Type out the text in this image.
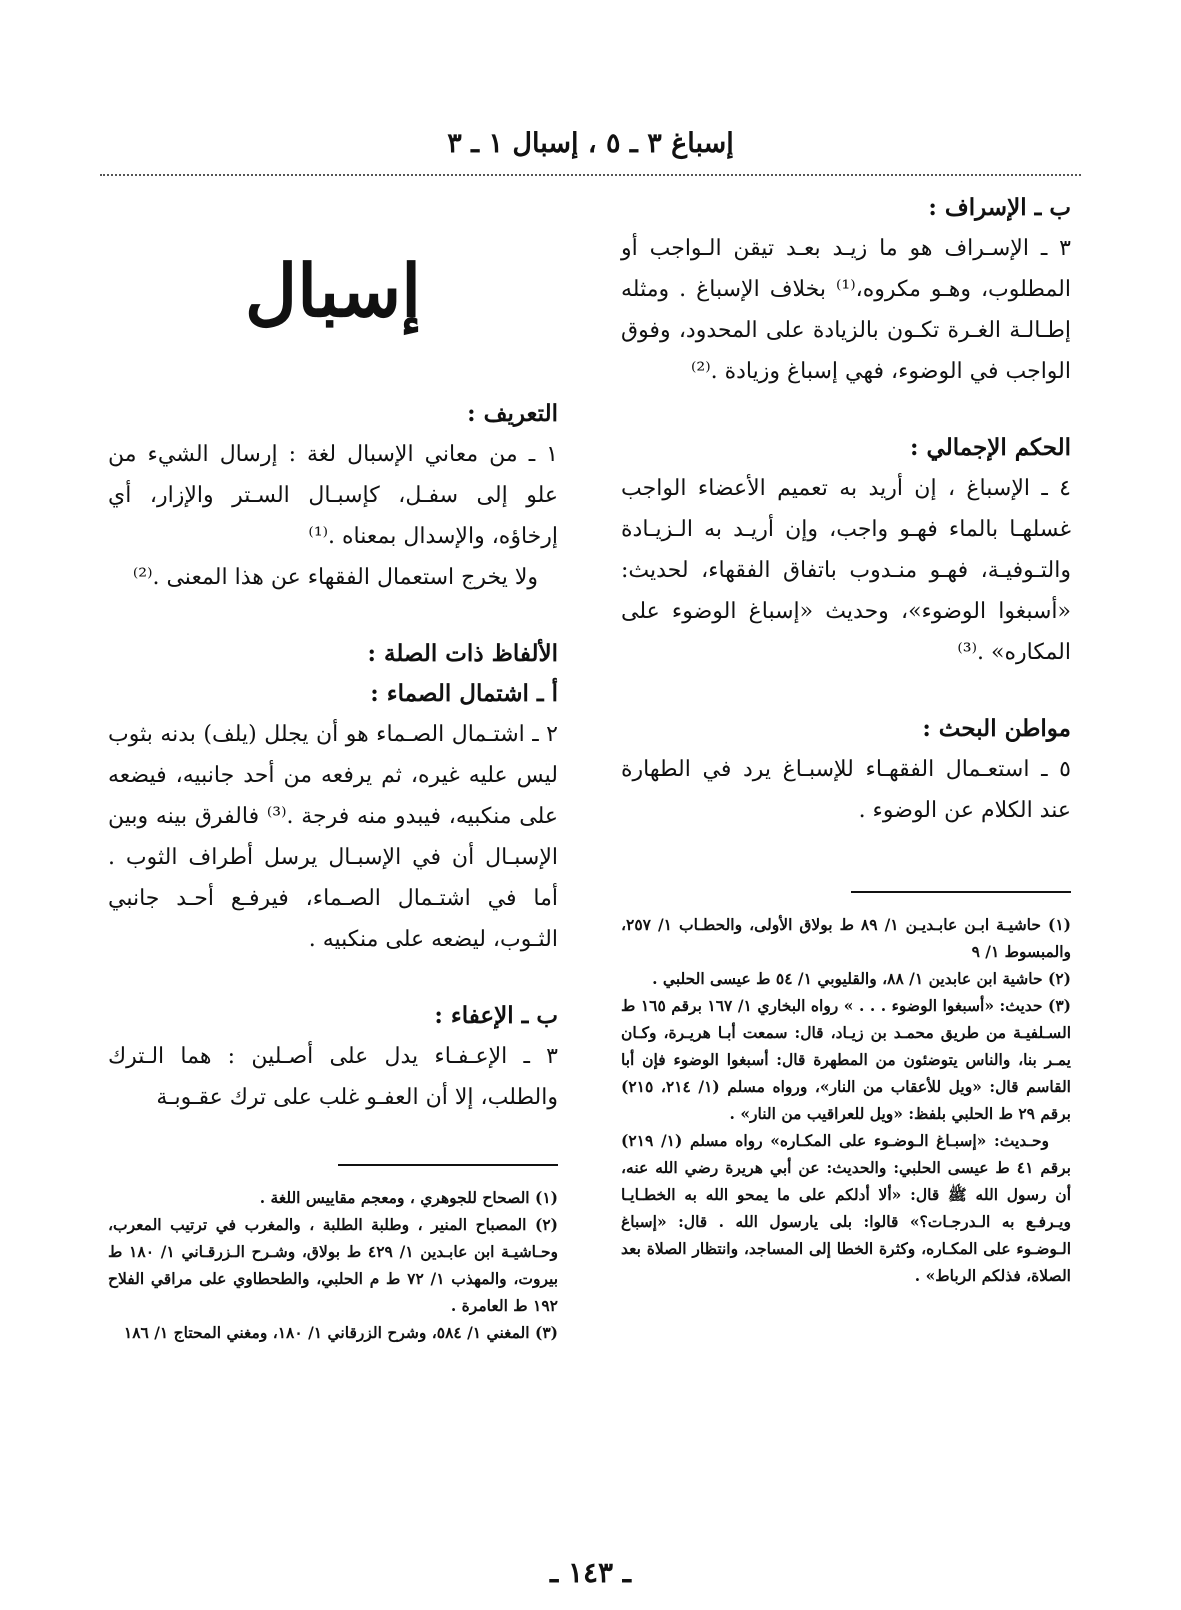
إسباغ ٣ ـ ٥ ، إسبال ١ ـ ٣

ب ـ الإسراف :

٣ ـ الإسـراف هو ما زيـد بعـد تيقن الـواجب أو المطلوب، وهـو مكروه،⁽¹⁾ بخلاف الإسباغ . ومثله إطـالـة الغـرة تكـون بالزيادة على المحدود، وفوق الواجب في الوضوء، فهي إسباغ وزيادة .⁽²⁾

الحكم الإجمالي :

٤ ـ الإسباغ ، إن أريد به تعميم الأعضاء الواجب غسلهـا بالماء فهـو واجب، وإن أريـد به الـزيـادة والتـوفيـة، فهـو منـدوب باتفاق الفقهاء، لحديث: «أسبغوا الوضوء»، وحديث «إسباغ الوضوء على المكاره» .⁽³⁾

مواطن البحث :

٥ ـ استعـمال الفقهـاء للإسبـاغ يرد في الطهارة عند الكلام عن الوضوء .

(١) حاشيـة ابـن عابـديـن ١/ ٨٩ ط بولاق الأولى، والحطـاب ١/ ٢٥٧، والمبسوط ١/ ٩

(٢) حاشية ابن عابدين ١/ ٨٨، والقليوبي ١/ ٥٤ ط عيسى الحلبي .

(٣) حديث: «أسبغوا الوضوء . . . » رواه البخاري ١/ ١٦٧ برقم ١٦٥ ط السـلفيـة من طريق محمـد بن زيـاد، قال: سمعت أبـا هريـرة، وكـان يمـر بنا، والناس يتوضئون من المطهرة قال: أسبغوا الوضوء فإن أبا القاسم قال: «ويل للأعقاب من النار»، ورواه مسلم (١/ ٢١٤، ٢١٥) برقم ٢٩ ط الحلبي بلفظ: «ويل للعراقيب من النار» .

وحـديث: «إسبـاغ الـوضـوء على المكـاره» رواه مسلم (١/ ٢١٩) برقم ٤١ ط عيسى الحلبي: والحديث: عن أبي هريرة رضي الله عنه، أن رسول الله ﷺ قال: «ألا أدلكم على ما يمحو الله به الخطـايـا ويـرفـع به الـدرجـات؟» قالوا: بلى يارسول الله . قال: «إسباغ الـوضـوء على المكـاره، وكثرة الخطا إلى المساجد، وانتظار الصلاة بعد الصلاة، فذلكم الرباط» .

إسبال

التعريف :

١ ـ من معاني الإسبال لغة : إرسال الشيء من علو إلى سفـل، كإسبـال السـتر والإزار، أي إرخاؤه، والإسدال بمعناه .⁽¹⁾

ولا يخرج استعمال الفقهاء عن هذا المعنى .⁽²⁾

الألفاظ ذات الصلة :

أ ـ اشتمال الصماء :

٢ ـ اشتـمال الصـماء هو أن يجلل (يلف) بدنه بثوب ليس عليه غيره، ثم يرفعه من أحد جانبيه، فيضعه على منكبيه، فيبدو منه فرجة .⁽³⁾ فالفرق بينه وبين الإسبـال أن في الإسبـال يرسل أطراف الثوب . أما في اشتـمال الصـماء، فيرفـع أحـد جانبي الثـوب، ليضعه على منكبيه .

ب ـ الإعفاء :

٣ ـ الإعـفـاء يدل على أصـلين : هما الـترك والطلب، إلا أن العفـو غلب على ترك عقـوبـة

(١) الصحاح للجوهري ، ومعجم مقاييس اللغة .

(٢) المصباح المنير ، وطلبة الطلبة ، والمغرب في ترتيب المعرب، وحـاشيـة ابن عابـدين ١/ ٤٢٩ ط بولاق، وشـرح الـزرقـاني ١/ ١٨٠ ط بيروت، والمهذب ١/ ٧٢ ط م الحلبي، والطحطاوي على مراقي الفلاح ١٩٢ ط العامرة .

(٣) المغني ١/ ٥٨٤، وشرح الزرقاني ١/ ١٨٠، ومغني المحتاج ١/ ١٨٦

ـ ١٤٣ ـ
